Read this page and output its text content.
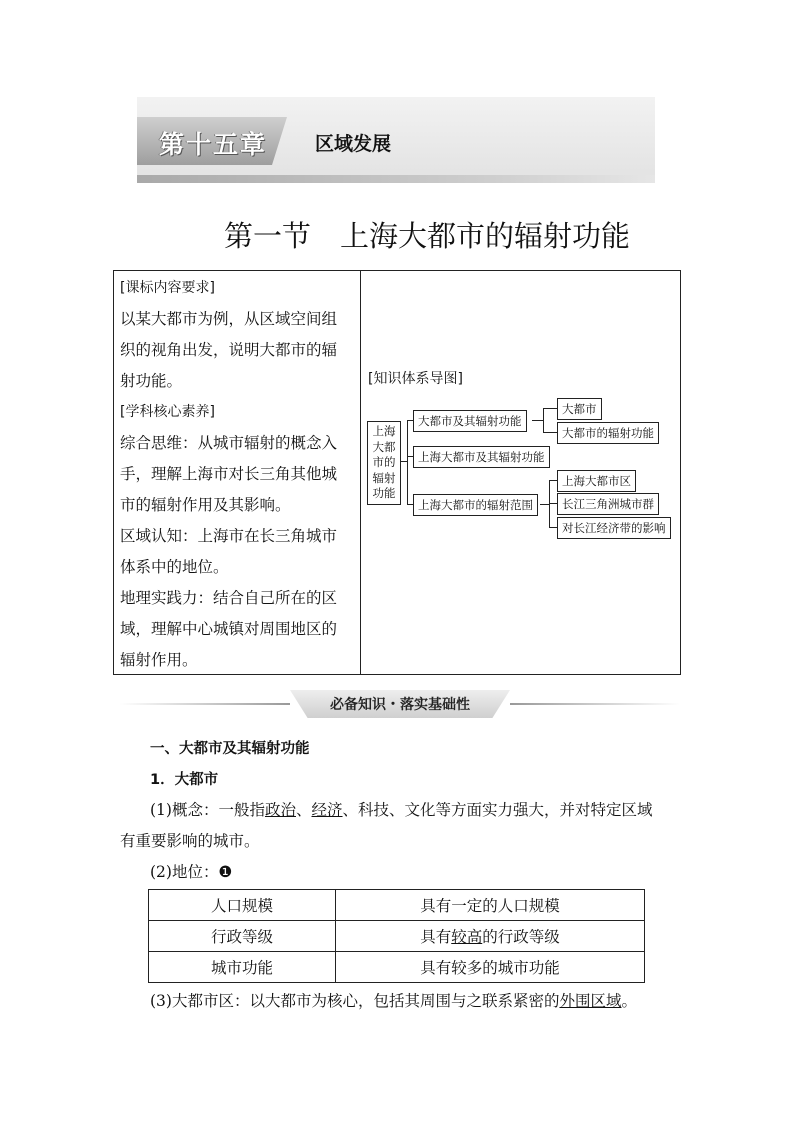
第十五章	区域发展
第一节　上海大都市的辐射功能

[课标内容要求]

以某大都市为例，从区域空间组

织的视角出发，说明大都市的辐

射功能。

[学科核心素养]

综合思维：从城市辐射的概念入

手，理解上海市对长三角其他城

市的辐射作用及其影响。

区域认知：上海市在长三角城市

体系中的地位。

地理实践力：结合自己所在的区

域，理解中心城镇对周围地区的

辐射作用。

[知识体系导图]
上海
大都
市的
辐射
功能
大都市及其辐射功能
上海大都市及其辐射功能
上海大都市的辐射范围
大都市
大都市的辐射功能
上海大都市区
长江三角洲城市群
对长江经济带的影响
必备知识・落实基础性
一、大都市及其辐射功能
1．大都市
(1)概念：一般指政治、经济、科技、文化等方面实力强大，并对特定区域
有重要影响的城市。
(2)地位：❶
(3)大都市区：以大都市为核心，包括其周围与之联系紧密的外围区域。
人口规模	具有一定的人口规模
行政等级	具有较高的行政等级
城市功能	具有较多的城市功能
